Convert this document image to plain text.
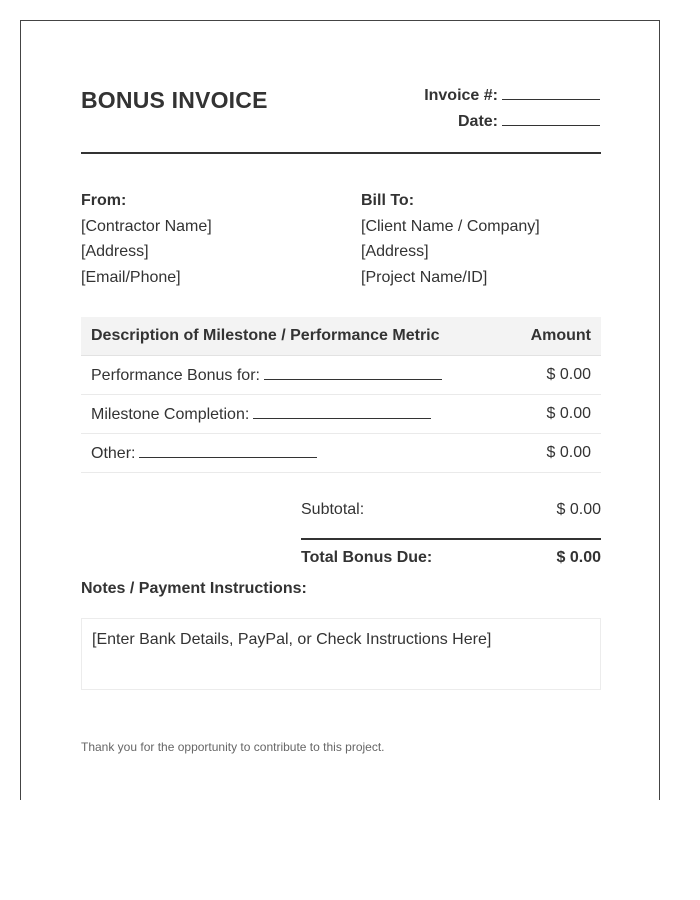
BONUS INVOICE	Invoice #:
Date:
From:
[Contractor Name]
[Address]
[Email/Phone]
Bill To:
[Client Name / Company]
[Address]
[Project Name/ID]
Description of Milestone / Performance Metric	Amount
Performance Bonus for:	$ 0.00
Milestone Completion:	$ 0.00
Other:	$ 0.00
Subtotal:	$ 0.00
Total Bonus Due:	$ 0.00
Notes / Payment Instructions:
[Enter Bank Details, PayPal, or Check Instructions Here]
Thank you for the opportunity to contribute to this project.
